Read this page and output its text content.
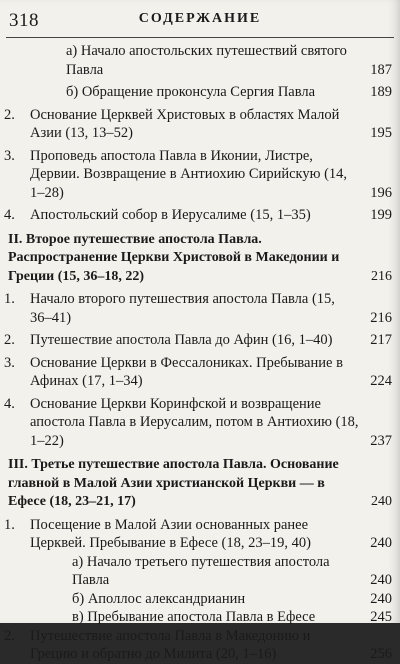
318	СОДЕРЖАНИЕ
а) Начало апостольских путешествий святого Павла	187
б) Обращение проконсула Сергия Павла	189
2.	Основание Церквей Христовых в областях Малой Азии (13, 13–52)	195
3.	Проповедь апостола Павла в Иконии, Листре, Дервии. Возвращение в Антиохию Сирийскую (14, 1–28)	196
4.	Апостольский собор в Иерусалиме (15, 1–35)	199
II. Второе путешествие апостола Павла. Распространение Церкви Христовой в Македонии и Греции (15, 36–18, 22)	216
1.	Начало второго путешествия апостола Павла (15, 36–41)	216
2.	Путешествие апостола Павла до Афин (16, 1–40)	217
3.	Основание Церкви в Фессалониках. Пребывание в Афинах (17, 1–34)	224
4.	Основание Церкви Коринфской и возвращение апостола Павла в Иерусалим, потом в Антиохию (18, 1–22)	237
III. Третье путешествие апостола Павла. Основание главной в Малой Азии христианской Церкви — в Ефесе (18, 23–21, 17)	240
1.	Посещение в Малой Азии основанных ранее Церквей. Пребывание в Ефесе (18, 23–19, 40)	240
а) Начало третьего путешествия апостола Павла	240
б) Аполлос александрианин	240
в) Пребывание апостола Павла в Ефесе	245
2.	Путешествие апостола Павла в Македонию и Грецию и обратно до Милита (20, 1–16)	256
